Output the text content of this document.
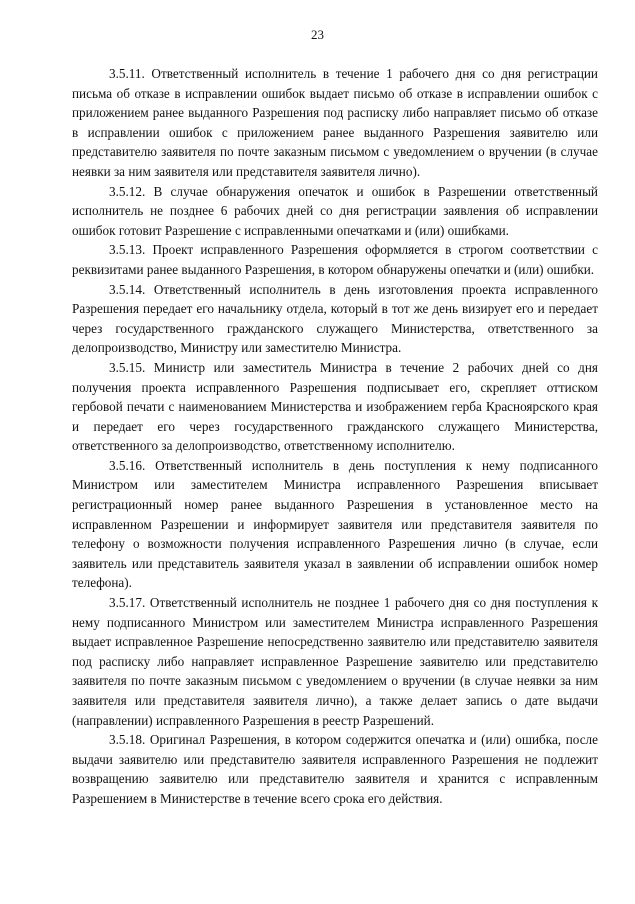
23

3.5.11. Ответственный исполнитель в течение 1 рабочего дня со дня регистрации письма об отказе в исправлении ошибок выдает письмо об отказе в исправлении ошибок с приложением ранее выданного Разрешения под расписку либо направляет письмо об отказе в исправлении ошибок с приложением ранее выданного Разрешения заявителю или представителю заявителя по почте заказным письмом с уведомлением о вручении (в случае неявки за ним заявителя или представителя заявителя лично).

3.5.12. В случае обнаружения опечаток и ошибок в Разрешении ответственный исполнитель не позднее 6 рабочих дней со дня регистрации заявления об исправлении ошибок готовит Разрешение с исправленными опечатками и (или) ошибками.

3.5.13. Проект исправленного Разрешения оформляется в строгом соответствии с реквизитами ранее выданного Разрешения, в котором обнаружены опечатки и (или) ошибки.

3.5.14. Ответственный исполнитель в день изготовления проекта исправленного Разрешения передает его начальнику отдела, который в тот же день визирует его и передает через государственного гражданского служащего Министерства, ответственного за делопроизводство, Министру или заместителю Министра.

3.5.15. Министр или заместитель Министра в течение 2 рабочих дней со дня получения проекта исправленного Разрешения подписывает его, скрепляет оттиском гербовой печати с наименованием Министерства и изображением герба Красноярского края и передает его через государственного гражданского служащего Министерства, ответственного за делопроизводство, ответственному исполнителю.

3.5.16. Ответственный исполнитель в день поступления к нему подписанного Министром или заместителем Министра исправленного Разрешения вписывает регистрационный номер ранее выданного Разрешения в установленное место на исправленном Разрешении и информирует заявителя или представителя заявителя по телефону о возможности получения исправленного Разрешения лично (в случае, если заявитель или представитель заявителя указал в заявлении об исправлении ошибок номер телефона).

3.5.17. Ответственный исполнитель не позднее 1 рабочего дня со дня поступления к нему подписанного Министром или заместителем Министра исправленного Разрешения выдает исправленное Разрешение непосредственно заявителю или представителю заявителя под расписку либо направляет исправленное Разрешение заявителю или представителю заявителя по почте заказным письмом с уведомлением о вручении (в случае неявки за ним заявителя или представителя заявителя лично), а также делает запись о дате выдачи (направлении) исправленного Разрешения в реестр Разрешений.

3.5.18. Оригинал Разрешения, в котором содержится опечатка и (или) ошибка, после выдачи заявителю или представителю заявителя исправленного Разрешения не подлежит возвращению заявителю или представителю заявителя и хранится с исправленным Разрешением в Министерстве в течение всего срока его действия.
